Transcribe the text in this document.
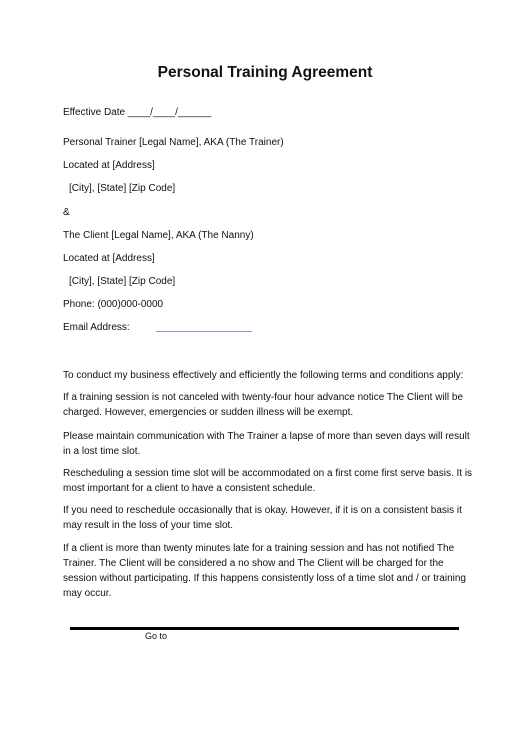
Personal Training Agreement
Effective Date ____/____/______
Personal Trainer [Legal Name], AKA (The Trainer)
Located at [Address]
[City], [State] [Zip Code]
&
The Client [Legal Name], AKA (The Nanny)
Located at [Address]
[City], [State] [Zip Code]
Phone: (000)000-0000
Email Address:
To conduct my business effectively and efficiently the following terms and conditions apply:
If a training session is not canceled with twenty-four hour advance notice The Client will be charged. However, emergencies or sudden illness will be exempt.
Please maintain communication with The Trainer a lapse of more than seven days will result in a lost time slot.
Rescheduling a session time slot will be accommodated on a first come first serve basis. It is most important for a client to have a consistent schedule.
If you need to reschedule occasionally that is okay. However, if it is on a consistent basis it may result in the loss of your time slot.
If a client is more than twenty minutes late for a training session and has not notified The Trainer. The Client will be considered a no show and The Client will be charged for the session without participating. If this happens consistently loss of a time slot and / or training may occur.
Go to
